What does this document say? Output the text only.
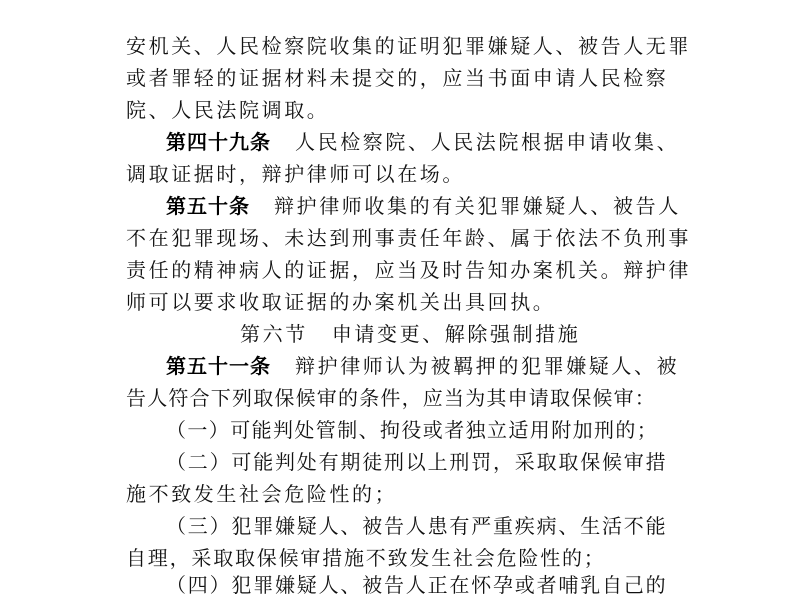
安机关、人民检察院收集的证明犯罪嫌疑人、被告人无罪

或者罪轻的证据材料未提交的，应当书面申请人民检察

院、人民法院调取。

第四十九条 人民检察院、人民法院根据申请收集、

调取证据时，辩护律师可以在场。

第五十条 辩护律师收集的有关犯罪嫌疑人、被告人

不在犯罪现场、未达到刑事责任年龄、属于依法不负刑事

责任的精神病人的证据，应当及时告知办案机关。辩护律

师可以要求收取证据的办案机关出具回执。

第六节 申请变更、解除强制措施

第五十一条 辩护律师认为被羁押的犯罪嫌疑人、被

告人符合下列取保候审的条件，应当为其申请取保候审：

（一）可能判处管制、拘役或者独立适用附加刑的；

（二）可能判处有期徒刑以上刑罚，采取取保候审措

施不致发生社会危险性的；

（三）犯罪嫌疑人、被告人患有严重疾病、生活不能

自理，采取取保候审措施不致发生社会危险性的；

（四）犯罪嫌疑人、被告人正在怀孕或者哺乳自己的
